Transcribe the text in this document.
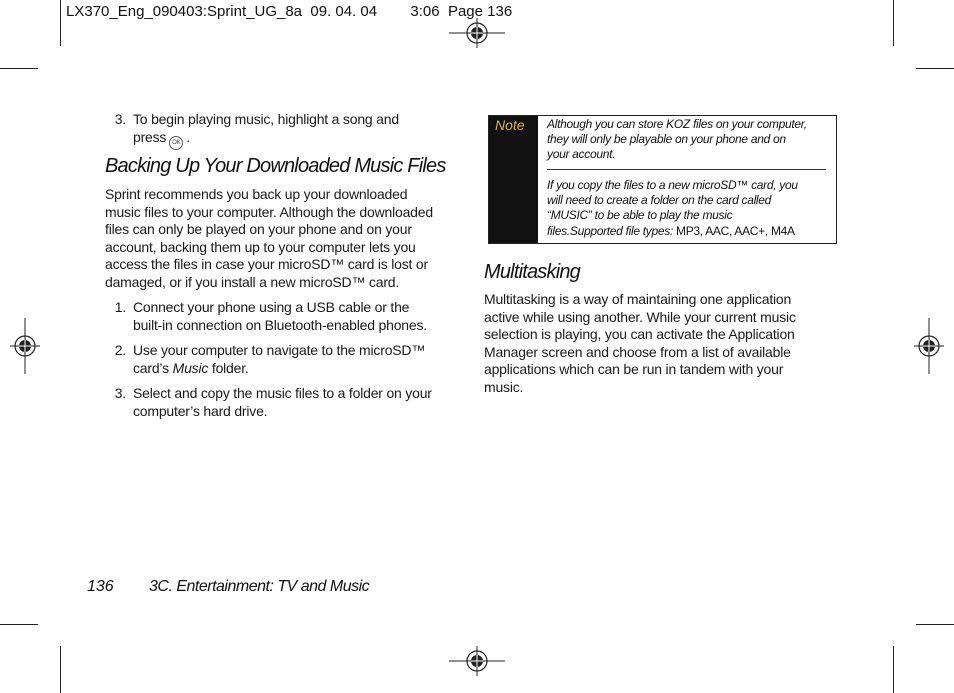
LX370_Eng_090403:Sprint_UG_8a  09. 04. 04        3:06  Page 136
3. To begin playing music, highlight a song and
press OK .
Backing Up Your Downloaded Music Files
Sprint recommends you back up your downloaded
music files to your computer. Although the downloaded
files can only be played on your phone and on your
account, backing them up to your computer lets you
access the files in case your microSD™ card is lost or
damaged, or if you install a new microSD™ card.
1. Connect your phone using a USB cable or the
built-in connection on Bluetooth-enabled phones.
2. Use your computer to navigate to the microSD™
card’s Music folder.
3. Select and copy the music files to a folder on your
computer’s hard drive.
Note Although you can store KOZ files on your computer,
they will only be playable on your phone and on
your account.
If you copy the files to a new microSD™ card, you
will need to create a folder on the card called
“MUSIC” to be able to play the music
files.Supported file types: MP3, AAC, AAC+, M4A
Multitasking
Multitasking is a way of maintaining one application
active while using another. While your current music
selection is playing, you can activate the Application
Manager screen and choose from a list of available
applications which can be run in tandem with your
music.
136 3C. Entertainment: TV and Music
